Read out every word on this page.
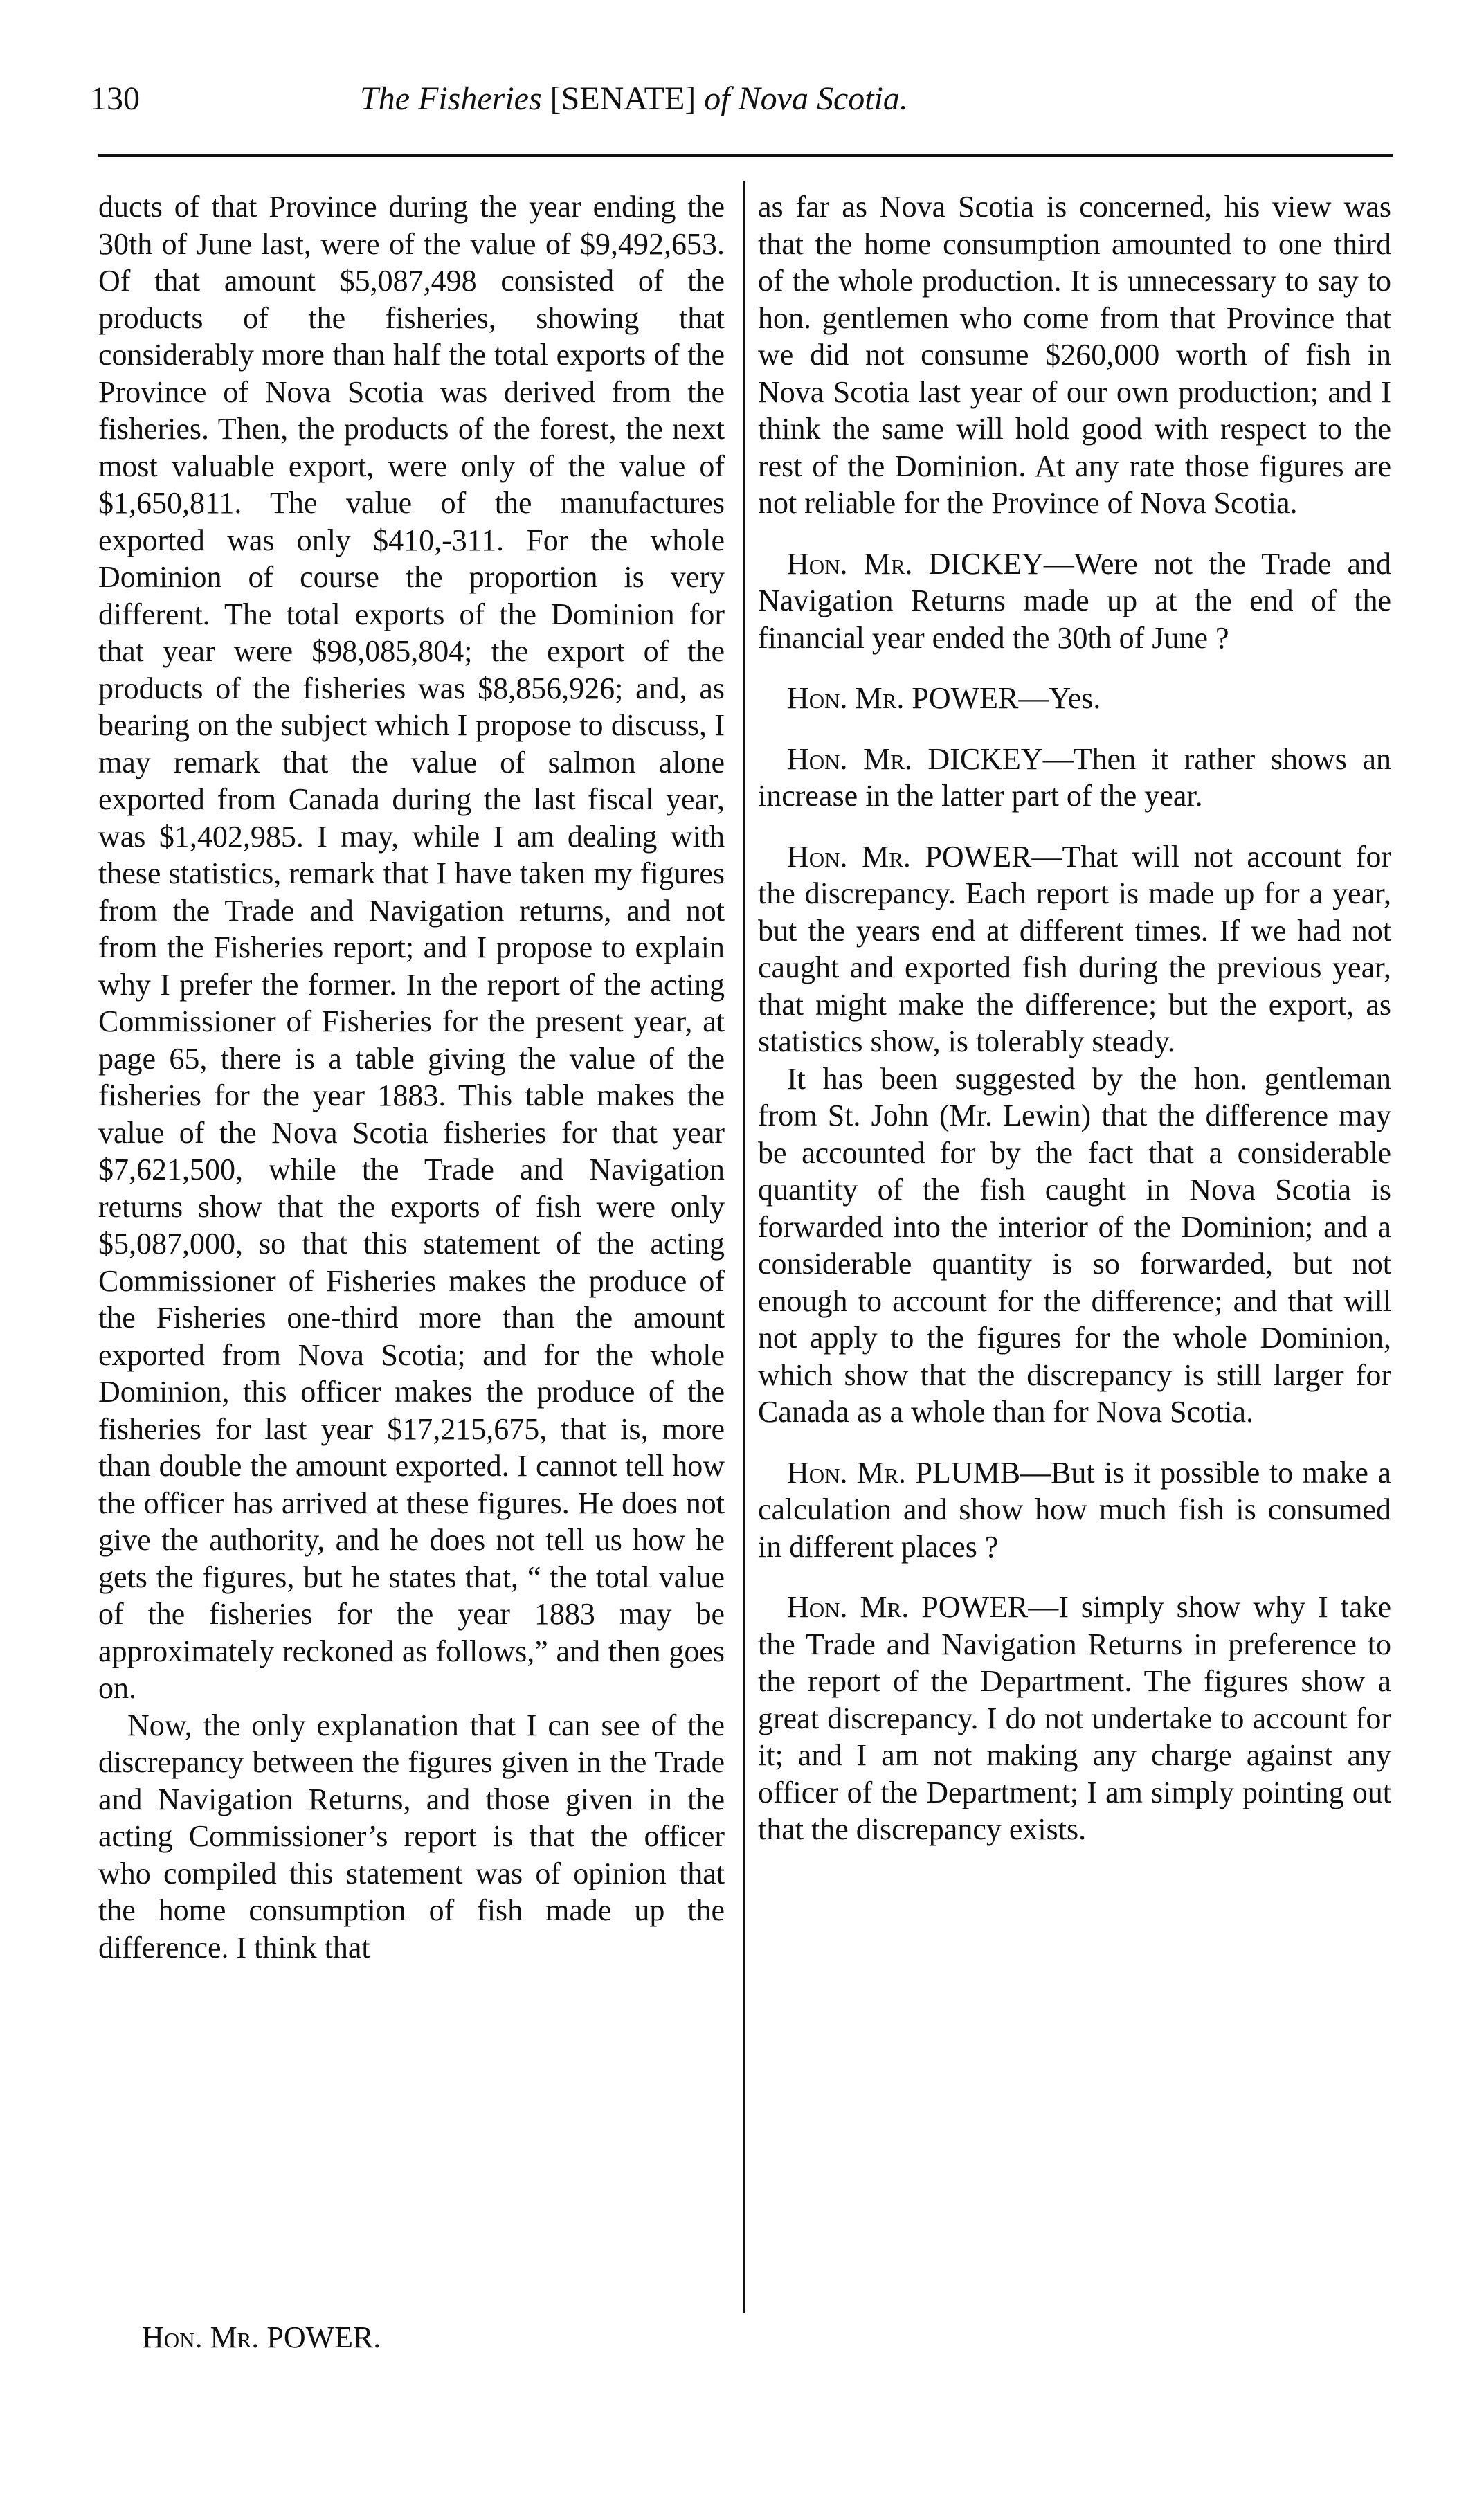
130	The Fisheries [SENATE] of Nova Scotia.

ducts of that Province during the year ending the 30th of June last, were of the value of $9,492,653. Of that amount $5,087,498 consisted of the products of the fisheries, showing that considerably more than half the total exports of the Province of Nova Scotia was derived from the fisheries. Then, the products of the forest, the next most valuable export, were only of the value of $1,650,811. The value of the manufactures exported was only $410,-311. For the whole Dominion of course the proportion is very different. The total exports of the Dominion for that year were $98,085,804; the export of the products of the fisheries was $8,856,926; and, as bearing on the subject which I propose to discuss, I may remark that the value of salmon alone exported from Canada during the last fiscal year, was $1,402,985. I may, while I am dealing with these statistics, remark that I have taken my figures from the Trade and Navigation returns, and not from the Fisheries report; and I propose to explain why I prefer the former. In the report of the acting Commissioner of Fisheries for the present year, at page 65, there is a table giving the value of the fisheries for the year 1883. This table makes the value of the Nova Scotia fisheries for that year $7,621,500, while the Trade and Navigation returns show that the exports of fish were only $5,087,000, so that this statement of the acting Commissioner of Fisheries makes the produce of the Fisheries one-third more than the amount exported from Nova Scotia; and for the whole Dominion, this officer makes the produce of the fisheries for last year $17,215,675, that is, more than double the amount exported. I cannot tell how the officer has arrived at these figures. He does not give the authority, and he does not tell us how he gets the figures, but he states that, “ the total value of the fisheries for the year 1883 may be approximately reckoned as follows,” and then goes on.

Now, the only explanation that I can see of the discrepancy between the figures given in the Trade and Navigation Returns, and those given in the acting Commissioner’s report is that the officer who compiled this statement was of opinion that the home consumption of fish made up the difference. I think that

as far as Nova Scotia is concerned, his view was that the home consumption amounted to one third of the whole production. It is unnecessary to say to hon. gentlemen who come from that Province that we did not consume $260,000 worth of fish in Nova Scotia last year of our own production; and I think the same will hold good with respect to the rest of the Dominion. At any rate those figures are not reliable for the Province of Nova Scotia.

Hon. Mr. DICKEY—Were not the Trade and Navigation Returns made up at the end of the financial year ended the 30th of June ?

Hon. Mr. POWER—Yes.

Hon. Mr. DICKEY—Then it rather shows an increase in the latter part of the year.

Hon. Mr. POWER—That will not account for the discrepancy. Each report is made up for a year, but the years end at different times. If we had not caught and exported fish during the previous year, that might make the difference; but the export, as statistics show, is tolerably steady.

It has been suggested by the hon. gentleman from St. John (Mr. Lewin) that the difference may be accounted for by the fact that a considerable quantity of the fish caught in Nova Scotia is forwarded into the interior of the Dominion; and a considerable quantity is so forwarded, but not enough to account for the difference; and that will not apply to the figures for the whole Dominion, which show that the discrepancy is still larger for Canada as a whole than for Nova Scotia.

Hon. Mr. PLUMB—But is it possible to make a calculation and show how much fish is consumed in different places ?

Hon. Mr. POWER—I simply show why I take the Trade and Navigation Returns in preference to the report of the Department. The figures show a great discrepancy. I do not undertake to account for it; and I am not making any charge against any officer of the Department; I am simply pointing out that the discrepancy exists.

Hon. Mr. POWER.
